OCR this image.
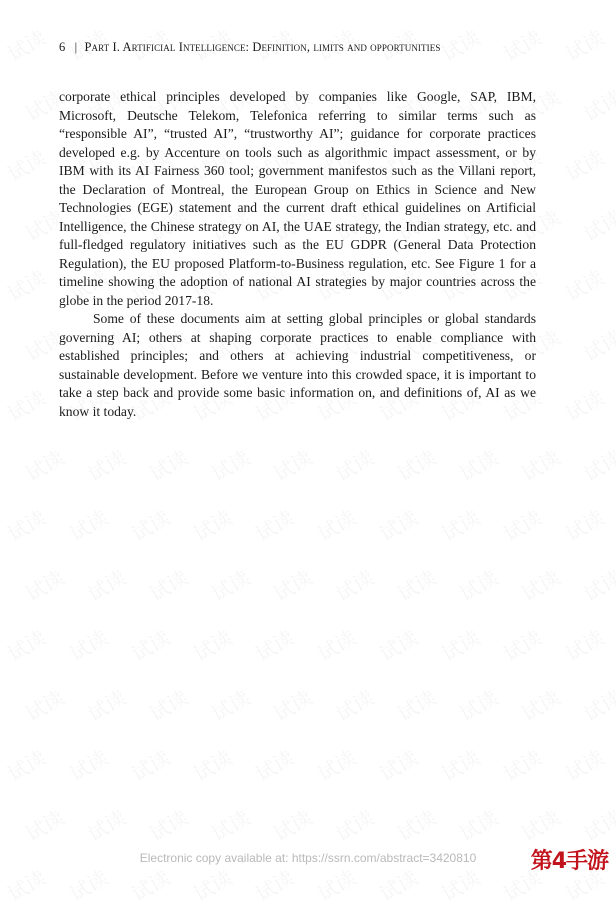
6 | Part I. Artificial Intelligence: Definition, limits and opportunities

corporate ethical principles developed by companies like Google, SAP, IBM, Microsoft, Deutsche Telekom, Telefonica referring to similar terms such as “responsible AI”, “trusted AI”, “trustworthy AI”; guidance for corporate practices developed e.g. by Accenture on tools such as algorithmic impact assessment, or by IBM with its AI Fairness 360 tool; government manifestos such as the Villani report, the Declaration of Montreal, the European Group on Ethics in Science and New Technologies (EGE) statement and the current draft ethical guidelines on Artificial Intelligence, the Chinese strategy on AI, the UAE strategy, the Indian strategy, etc. and full-fledged regulatory initiatives such as the EU GDPR (General Data Protection Regulation), the EU proposed Platform-to-Business regulation, etc. See Figure 1 for a timeline showing the adoption of national AI strategies by major countries across the globe in the period 2017-18.

Some of these documents aim at setting global principles or global standards governing AI; others at shaping corporate practices to enable compliance with established principles; and others at achieving industrial competitiveness, or sustainable development. Before we venture into this crowded space, it is important to take a step back and provide some basic information on, and definitions of, AI as we know it today.

Electronic copy available at: https://ssrn.com/abstract=3420810	第4手游
